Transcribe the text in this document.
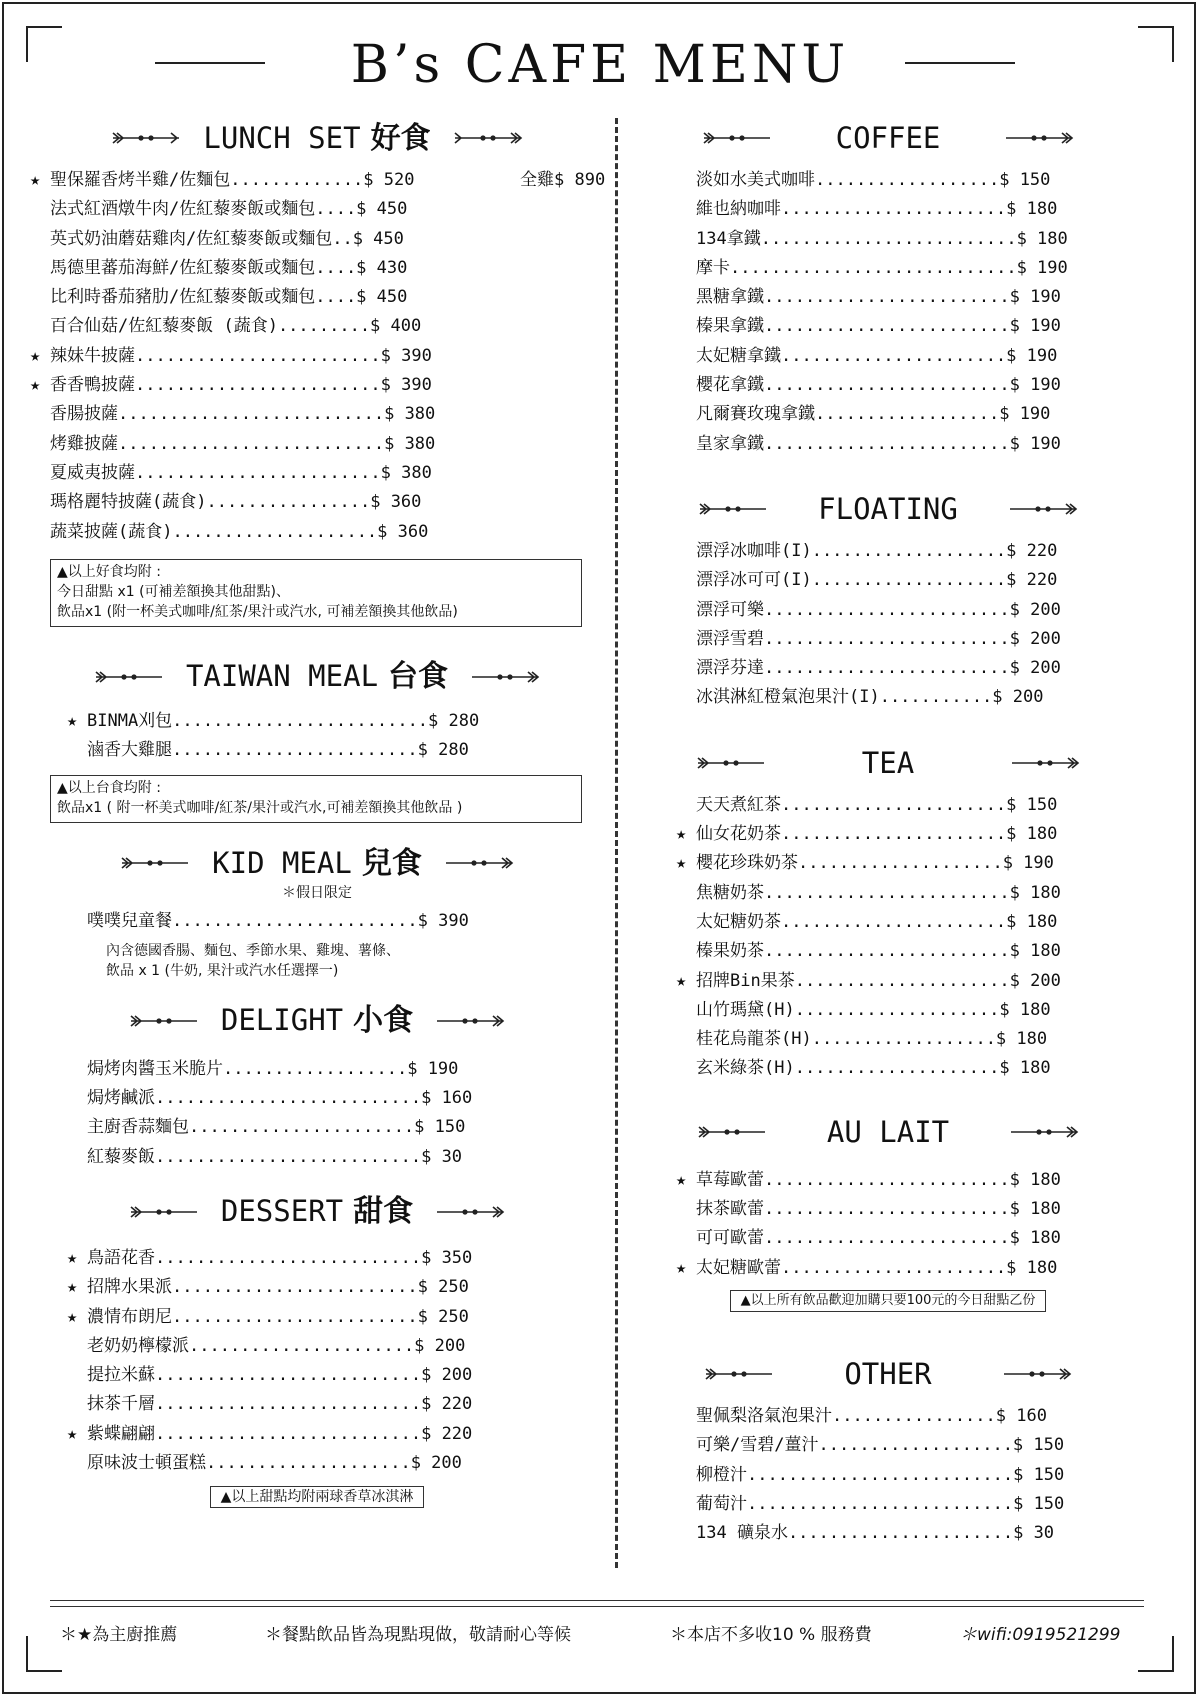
B’s CAFE MENU
LUNCH SET 好食
★ 聖保羅香烤半雞/佐麵包.............$ 520	全雞$ 890
法式紅酒燉牛肉/佐紅藜麥飯或麵包....$ 450
英式奶油蘑菇雞肉/佐紅藜麥飯或麵包..$ 450
馬德里蕃茄海鮮/佐紅藜麥飯或麵包....$ 430
比利時番茄豬肋/佐紅藜麥飯或麵包....$ 450
百合仙菇/佐紅藜麥飯 (蔬食).........$ 400
★ 辣妹牛披薩........................$ 390
★ 香香鴨披薩........................$ 390
香腸披薩..........................$ 380
烤雞披薩..........................$ 380
夏威夷披薩........................$ 380
瑪格麗特披薩(蔬食)................$ 360
蔬菜披薩(蔬食)....................$ 360
▲以上好食均附 :
今日甜點 x1 (可補差額換其他甜點)、
飲品x1 (附一杯美式咖啡/紅茶/果汁或汽水, 可補差額換其他飲品)
TAIWAN MEAL 台食
★ BINMA刈包.........................$ 280
滷香大雞腿........................$ 280
▲以上台食均附 :
飲品x1 ( 附一杯美式咖啡/紅茶/果汁或汽水,可補差額換其他飲品 )
KID MEAL 兒食
＊假日限定
噗噗兒童餐........................$ 390
內含德國香腸、麵包、季節水果、雞塊、薯條、
飲品 x 1 (牛奶, 果汁或汽水任選擇一)
DELIGHT 小食
焗烤肉醬玉米脆片..................$ 190
焗烤鹹派..........................$ 160
主廚香蒜麵包......................$ 150
紅藜麥飯..........................$ 30
DESSERT 甜食
★ 鳥語花香..........................$ 350
★ 招牌水果派........................$ 250
★ 濃情布朗尼........................$ 250
老奶奶檸檬派......................$ 200
提拉米蘇..........................$ 200
抹茶千層..........................$ 220
★ 紫蝶翩翩..........................$ 220
原味波士頓蛋糕....................$ 200
▲以上甜點均附兩球香草冰淇淋
COFFEE
淡如水美式咖啡..................$ 150
維也納咖啡......................$ 180
134拿鐵.........................$ 180
摩卡............................$ 190
黑糖拿鐵........................$ 190
榛果拿鐵........................$ 190
太妃糖拿鐵......................$ 190
櫻花拿鐵........................$ 190
凡爾賽玫瑰拿鐵..................$ 190
皇家拿鐵........................$ 190
FLOATING
漂浮冰咖啡(I)...................$ 220
漂浮冰可可(I)...................$ 220
漂浮可樂........................$ 200
漂浮雪碧........................$ 200
漂浮芬達........................$ 200
冰淇淋紅橙氣泡果汁(I)...........$ 200
TEA
天天煮紅茶......................$ 150
★ 仙女花奶茶......................$ 180
★ 櫻花珍珠奶茶....................$ 190
焦糖奶茶........................$ 180
太妃糖奶茶......................$ 180
榛果奶茶........................$ 180
★ 招牌Bin果茶.....................$ 200
山竹瑪黛(H)....................$ 180
桂花烏龍茶(H)..................$ 180
玄米綠茶(H)....................$ 180
AU LAIT
★ 草莓歐蕾........................$ 180
抹茶歐蕾........................$ 180
可可歐蕾........................$ 180
★ 太妃糖歐蕾......................$ 180
▲以上所有飲品歡迎加購只要100元的今日甜點乙份
OTHER
聖佩梨洛氣泡果汁................$ 160
可樂/雪碧/薑汁...................$ 150
柳橙汁..........................$ 150
葡萄汁..........................$ 150
134 礦泉水......................$ 30
＊★為主廚推薦	＊餐點飲品皆為現點現做，敬請耐心等候	＊本店不多收10 % 服務費	＊wifi:0919521299
